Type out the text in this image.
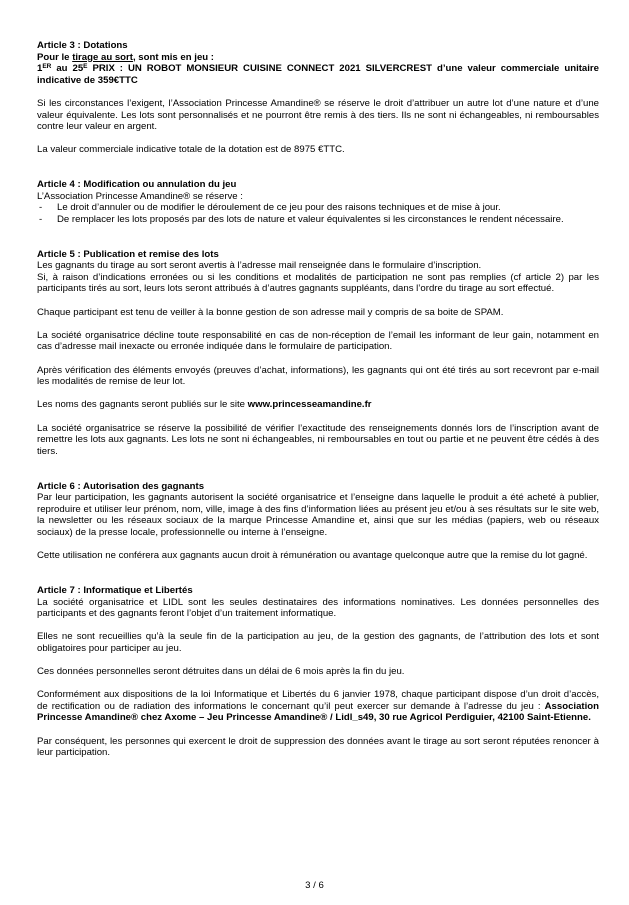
Article 3 : Dotations

Pour le tirage au sort, sont mis en jeu :

1ER au $25^E$ PRIX : UN ROBOT MONSIEUR CUISINE CONNECT 2021 SILVERCREST d’une valeur commerciale unitaire indicative de 359€TTC

Si les circonstances l’exigent, l’Association Princesse Amandine® se réserve le droit d’attribuer un autre lot d’une nature et d’une valeur équivalente. Les lots sont personnalisés et ne pourront être remis à des tiers. Ils ne sont ni échangeables, ni remboursables contre leur valeur en argent.

La valeur commerciale indicative totale de la dotation est de 8975 €TTC.

Article 4 : Modification ou annulation du jeu

L’Association Princesse Amandine® se réserve :

- Le droit d’annuler ou de modifier le déroulement de ce jeu pour des raisons techniques et de mise à jour.
- De remplacer les lots proposés par des lots de nature et valeur équivalentes si les circonstances le rendent nécessaire.

Article 5 : Publication et remise des lots

Les gagnants du tirage au sort seront avertis à l’adresse mail renseignée dans le formulaire d’inscription.

Si, à raison d’indications erronées ou si les conditions et modalités de participation ne sont pas remplies (cf article 2) par les participants tirés au sort, leurs lots seront attribués à d’autres gagnants suppléants, dans l’ordre du tirage au sort effectué.

Chaque participant est tenu de veiller à la bonne gestion de son adresse mail y compris de sa boite de SPAM.

La société organisatrice décline toute responsabilité en cas de non-réception de l’email les informant de leur gain, notamment en cas d’adresse mail inexacte ou erronée indiquée dans le formulaire de participation.

Après vérification des éléments envoyés (preuves d’achat, informations), les gagnants qui ont été tirés au sort recevront par e-mail les modalités de remise de leur lot.

Les noms des gagnants seront publiés sur le site www.princesseamandine.fr

La société organisatrice se réserve la possibilité de vérifier l’exactitude des renseignements donnés lors de l’inscription avant de remettre les lots aux gagnants. Les lots ne sont ni échangeables, ni remboursables en tout ou partie et ne peuvent être cédés à des tiers.

Article 6 : Autorisation des gagnants

Par leur participation, les gagnants autorisent la société organisatrice et l’enseigne dans laquelle le produit a été acheté à publier, reproduire et utiliser leur prénom, nom, ville, image à des fins d’information liées au présent jeu et/ou à ses résultats sur le site web, la newsletter ou les réseaux sociaux de la marque Princesse Amandine et, ainsi que sur les médias (papiers, web ou réseaux sociaux) de la presse locale, professionnelle ou interne à l’enseigne.

Cette utilisation ne conférera aux gagnants aucun droit à rémunération ou avantage quelconque autre que la remise du lot gagné.

Article 7 : Informatique et Libertés

La société organisatrice et LIDL sont les seules destinataires des informations nominatives. Les données personnelles des participants et des gagnants feront l’objet d’un traitement informatique.

Elles ne sont recueillies qu’à la seule fin de la participation au jeu, de la gestion des gagnants, de l’attribution des lots et sont obligatoires pour participer au jeu.

Ces données personnelles seront détruites dans un délai de 6 mois après la fin du jeu.

Conformément aux dispositions de la loi Informatique et Libertés du 6 janvier 1978, chaque participant dispose d’un droit d’accès, de rectification ou de radiation des informations le concernant qu’il peut exercer sur demande à l’adresse du jeu : Association Princesse Amandine® chez Axome – Jeu Princesse Amandine® / Lidl_s49, 30 rue Agricol Perdiguier, 42100 Saint-Etienne.

Par conséquent, les personnes qui exercent le droit de suppression des données avant le tirage au sort seront réputées renoncer à leur participation.

3 / 6
